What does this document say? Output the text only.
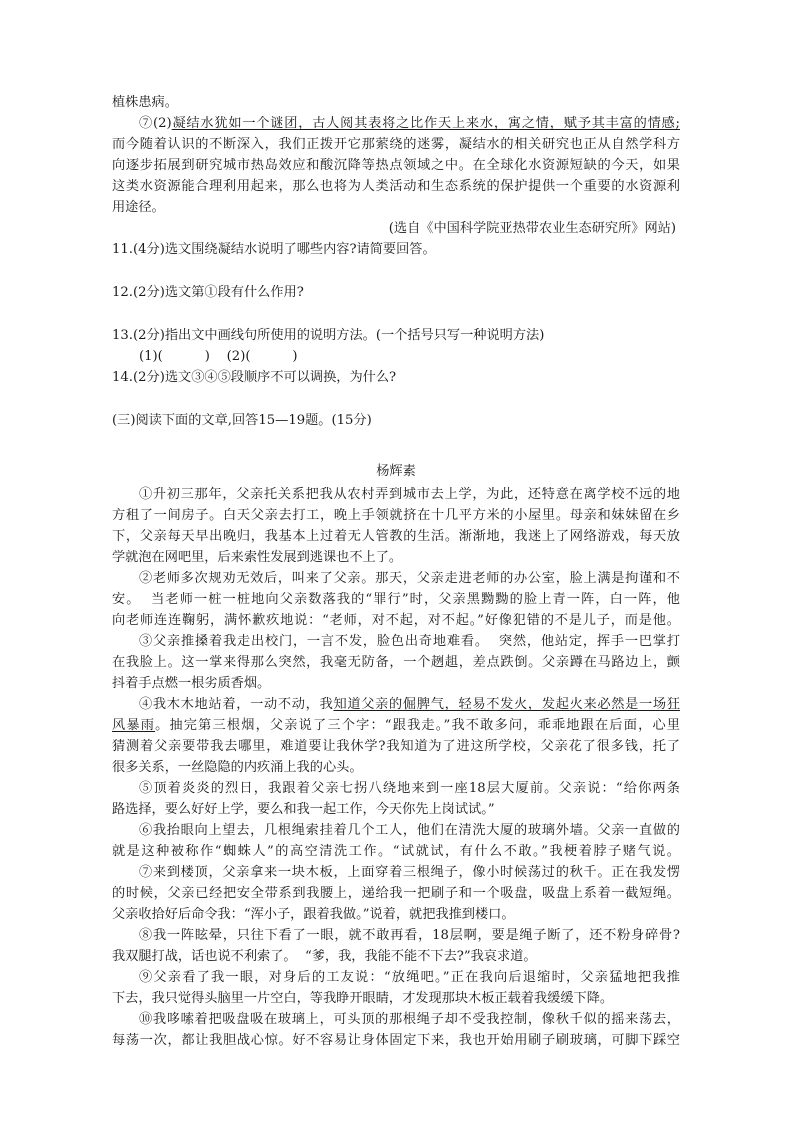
植株患病。
⑦(2)凝结水犹如一个谜团，古人阅其表将之比作天上来水，寓之情，赋予其丰富的情感;
而今随着认识的不断深入，我们正拨开它那萦绕的迷雾，凝结水的相关研究也正从自然学科方
向逐步拓展到研究城市热岛效应和酸沉降等热点领域之中。在全球化水资源短缺的今天，如果
这类水资源能合理利用起来，那么也将为人类活动和生态系统的保护提供一个重要的水资源利
用途径。
(选自《中国科学院亚热带农业生态研究所》网站)
11.(4分)选文围绕凝结水说明了哪些内容?请简要回答。
12.(2分)选文第①段有什么作用?
13.(2分)指出文中画线句所使用的说明方法。(一个括号只写一种说明方法)
(1)(          )    (2)(          )
14.(2分)选文③④⑤段顺序不可以调换，为什么?
(三)阅读下面的文章,回答15—19题。(15分)
杨辉素
①升初三那年，父亲托关系把我从农村弄到城市去上学，为此，还特意在离学校不远的地
方租了一间房子。白天父亲去打工，晚上手领就挤在十几平方米的小屋里。母亲和妹妹留在乡
下，父亲每天早出晚归，我基本上过着无人管教的生活。渐渐地，我迷上了网络游戏，每天放
学就泡在网吧里，后来索性发展到逃课也不上了。
②老师多次规劝无效后，叫来了父亲。那天，父亲走进老师的办公室，脸上满是拘谨和不
安。  当老师一桩一桩地向父亲数落我的“罪行”时，父亲黑黝黝的脸上青一阵，白一阵，他
向老师连连鞠躬，满怀歉疚地说：“老师，对不起，对不起。”好像犯错的不是儿子，而是他。
③父亲推搡着我走出校门，一言不发，脸色出奇地难看。  突然，他站定，挥手一巴掌打
在我脸上。这一掌来得那么突然，我毫无防备，一个趔趄，差点跌倒。父亲蹲在马路边上，颤
抖着手点燃一根劣质香烟。
④我木木地站着，一动不动，我知道父亲的倔脾气，轻易不发火，发起火来必然是一场狂
风暴雨。抽完第三根烟，父亲说了三个字：“跟我走。”我不敢多问，乖乖地跟在后面，心里
猜测着父亲要带我去哪里，难道要让我休学?我知道为了进这所学校，父亲花了很多钱，托了
很多关系，一丝隐隐的内疚涌上我的心头。
⑤顶着炎炎的烈日，我跟着父亲七拐八绕地来到一座18层大厦前。父亲说：“给你两条
路选择，要么好好上学，要么和我一起工作，今天你先上岗试试。”
⑥我抬眼向上望去，几根绳索挂着几个工人，他们在清洗大厦的玻璃外墙。父亲一直做的
就是这种被称作“蜘蛛人”的高空清洗工作。“试就试，有什么不敢。”我梗着脖子赌气说。
⑦来到楼顶，父亲拿来一块木板，上面穿着三根绳子，像小时候荡过的秋千。正在我发愣
的时候，父亲已经把安全带系到我腰上，递给我一把刷子和一个吸盘，吸盘上系着一截短绳。
父亲收拾好后命令我：“浑小子，跟着我做。”说着，就把我推到楼口。
⑧我一阵眩晕，只往下看了一眼，就不敢再看，18层啊，要是绳子断了，还不粉身碎骨?
我双腿打战，话也说不利索了。  “爹，我，我能不能不下去?”我哀求道。
⑨父亲看了我一眼，对身后的工友说：“放绳吧。”正在我向后退缩时，父亲猛地把我推
下去，我只觉得头脑里一片空白，等我睁开眼睛，才发现那块木板正载着我缓缓下降。
⑩我哆嗦着把吸盘吸在玻璃上，可头顶的那根绳子却不受我控制，像秋千似的摇来荡去，
每荡一次，都让我胆战心惊。好不容易让身体固定下来，我也开始用刷子刷玻璃，可脚下踩空
